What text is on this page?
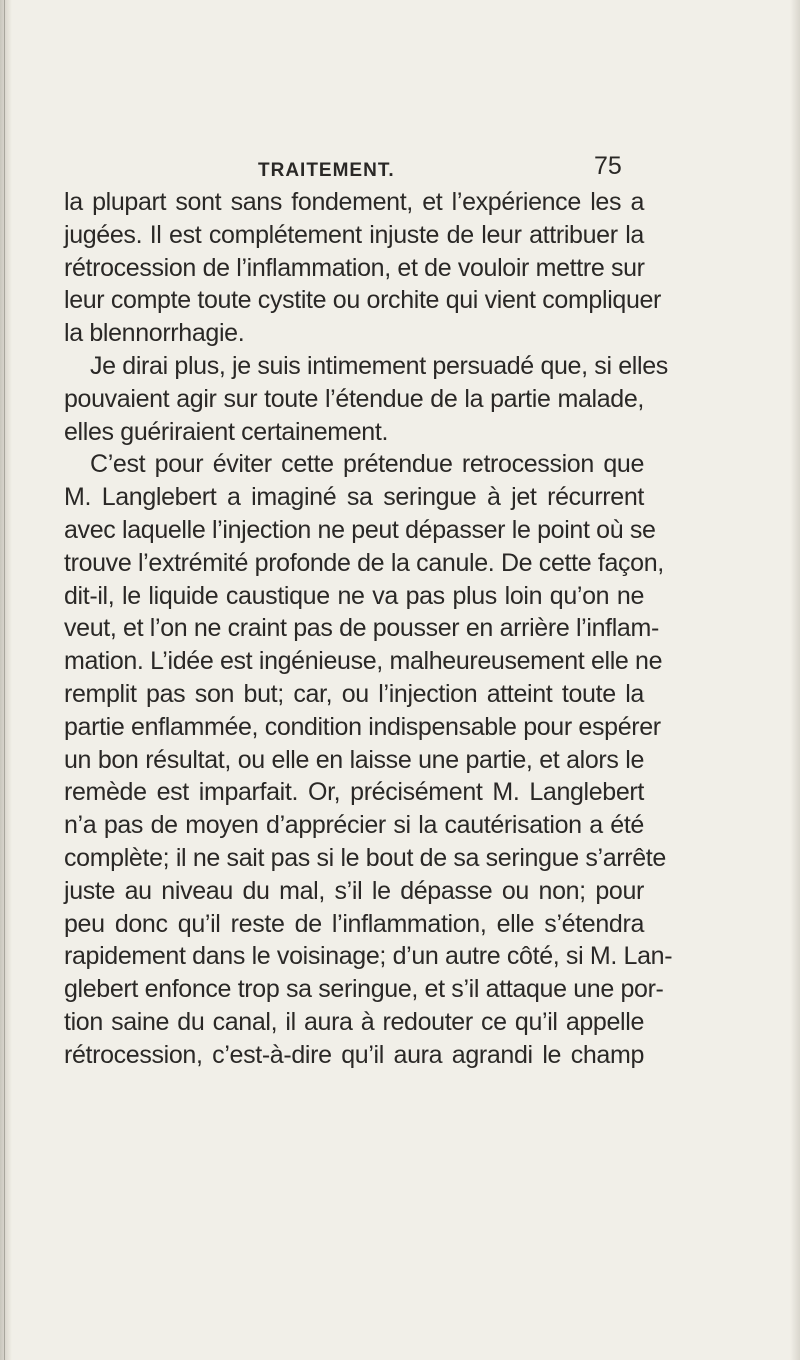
TRAITEMENT.	75
la plupart sont sans fondement, et l’expérience les a
jugées. Il est complétement injuste de leur attribuer la
rétrocession de l’inflammation, et de vouloir mettre sur
leur compte toute cystite ou orchite qui vient compliquer
la blennorrhagie.
Je dirai plus, je suis intimement persuadé que, si elles
pouvaient agir sur toute l’étendue de la partie malade,
elles guériraient certainement.
C’est pour éviter cette prétendue retrocession que
M. Langlebert a imaginé sa seringue à jet récurrent
avec laquelle l’injection ne peut dépasser le point où se
trouve l’extrémité profonde de la canule. De cette façon,
dit-il, le liquide caustique ne va pas plus loin qu’on ne
veut, et l’on ne craint pas de pousser en arrière l’inflam-
mation. L’idée est ingénieuse, malheureusement elle ne
remplit pas son but; car, ou l’injection atteint toute la
partie enflammée, condition indispensable pour espérer
un bon résultat, ou elle en laisse une partie, et alors le
remède est imparfait. Or, précisément M. Langlebert
n’a pas de moyen d’apprécier si la cautérisation a été
complète; il ne sait pas si le bout de sa seringue s’arrête
juste au niveau du mal, s’il le dépasse ou non; pour
peu donc qu’il reste de l’inflammation, elle s’étendra
rapidement dans le voisinage; d’un autre côté, si M. Lan-
glebert enfonce trop sa seringue, et s’il attaque une por-
tion saine du canal, il aura à redouter ce qu’il appelle
rétrocession, c’est-à-dire qu’il aura agrandi le champ
